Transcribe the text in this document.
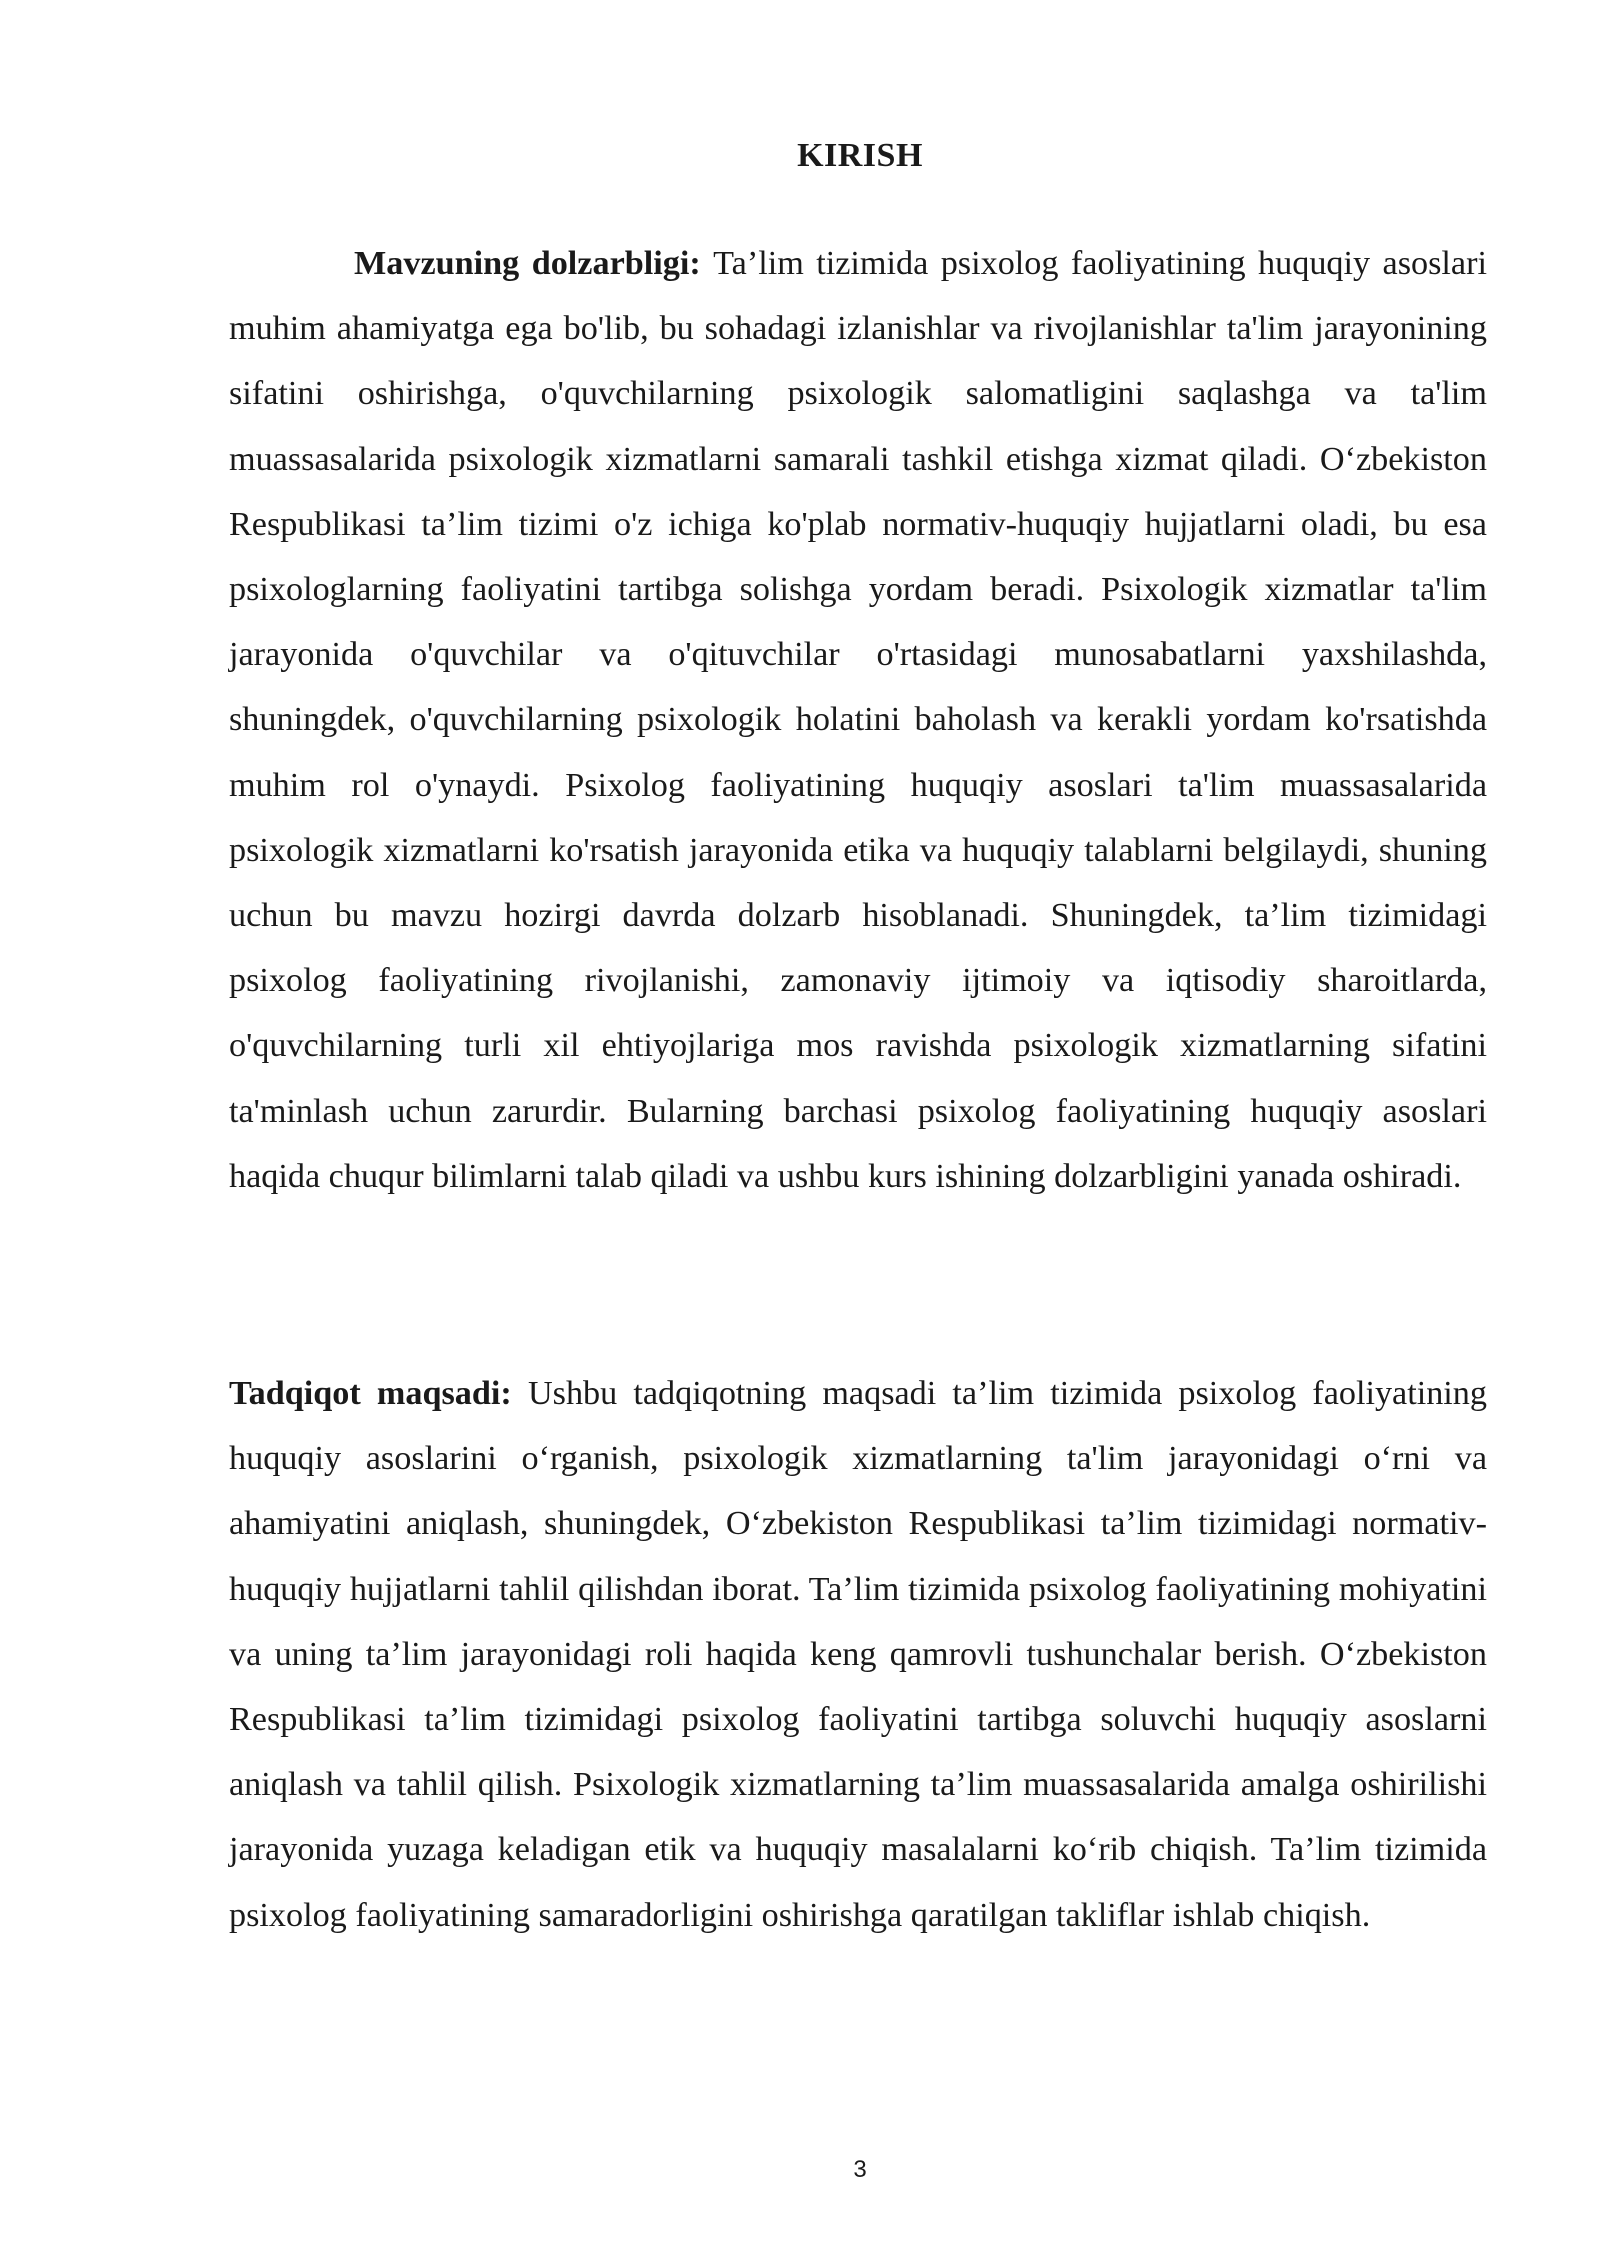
KIRISH

Mavzuning dolzarbligi: Ta’lim tizimida psixolog faoliyatining huquqiy asoslari muhim ahamiyatga ega bo'lib, bu sohadagi izlanishlar va rivojlanishlar ta'lim jarayonining sifatini oshirishga, o'quvchilarning psixologik salomatligini saqlashga va ta'lim muassasalarida psixologik xizmatlarni samarali tashkil etishga xizmat qiladi. O‘zbekiston Respublikasi ta’lim tizimi o'z ichiga ko'plab normativ-huquqiy hujjatlarni oladi, bu esa psixologlarning faoliyatini tartibga solishga yordam beradi. Psixologik xizmatlar ta'lim jarayonida o'quvchilar va o'qituvchilar o'rtasidagi munosabatlarni yaxshilashda, shuningdek, o'quvchilarning psixologik holatini baholash va kerakli yordam ko'rsatishda muhim rol o'ynaydi. Psixolog faoliyatining huquqiy asoslari ta'lim muassasalarida psixologik xizmatlarni ko'rsatish jarayonida etika va huquqiy talablarni belgilaydi, shuning uchun bu mavzu hozirgi davrda dolzarb hisoblanadi. Shuningdek, ta’lim tizimidagi psixolog faoliyatining rivojlanishi, zamonaviy ijtimoiy va iqtisodiy sharoitlarda, o'quvchilarning turli xil ehtiyojlariga mos ravishda psixologik xizmatlarning sifatini ta'minlash uchun zarurdir. Bularning barchasi psixolog faoliyatining huquqiy asoslari haqida chuqur bilimlarni talab qiladi va ushbu kurs ishining dolzarbligini yanada oshiradi.

Tadqiqot maqsadi: Ushbu tadqiqotning maqsadi ta’lim tizimida psixolog faoliyatining huquqiy asoslarini o‘rganish, psixologik xizmatlarning ta'lim jarayonidagi o‘rni va ahamiyatini aniqlash, shuningdek, O‘zbekiston Respublikasi ta’lim tizimidagi normativ-huquqiy hujjatlarni tahlil qilishdan iborat. Ta’lim tizimida psixolog faoliyatining mohiyatini va uning ta’lim jarayonidagi roli haqida keng qamrovli tushunchalar berish. O‘zbekiston Respublikasi ta’lim tizimidagi psixolog faoliyatini tartibga soluvchi huquqiy asoslarni aniqlash va tahlil qilish. Psixologik xizmatlarning ta’lim muassasalarida amalga oshirilishi jarayonida yuzaga keladigan etik va huquqiy masalalarni ko‘rib chiqish. Ta’lim tizimida psixolog faoliyatining samaradorligini oshirishga qaratilgan takliflar ishlab chiqish.

3
